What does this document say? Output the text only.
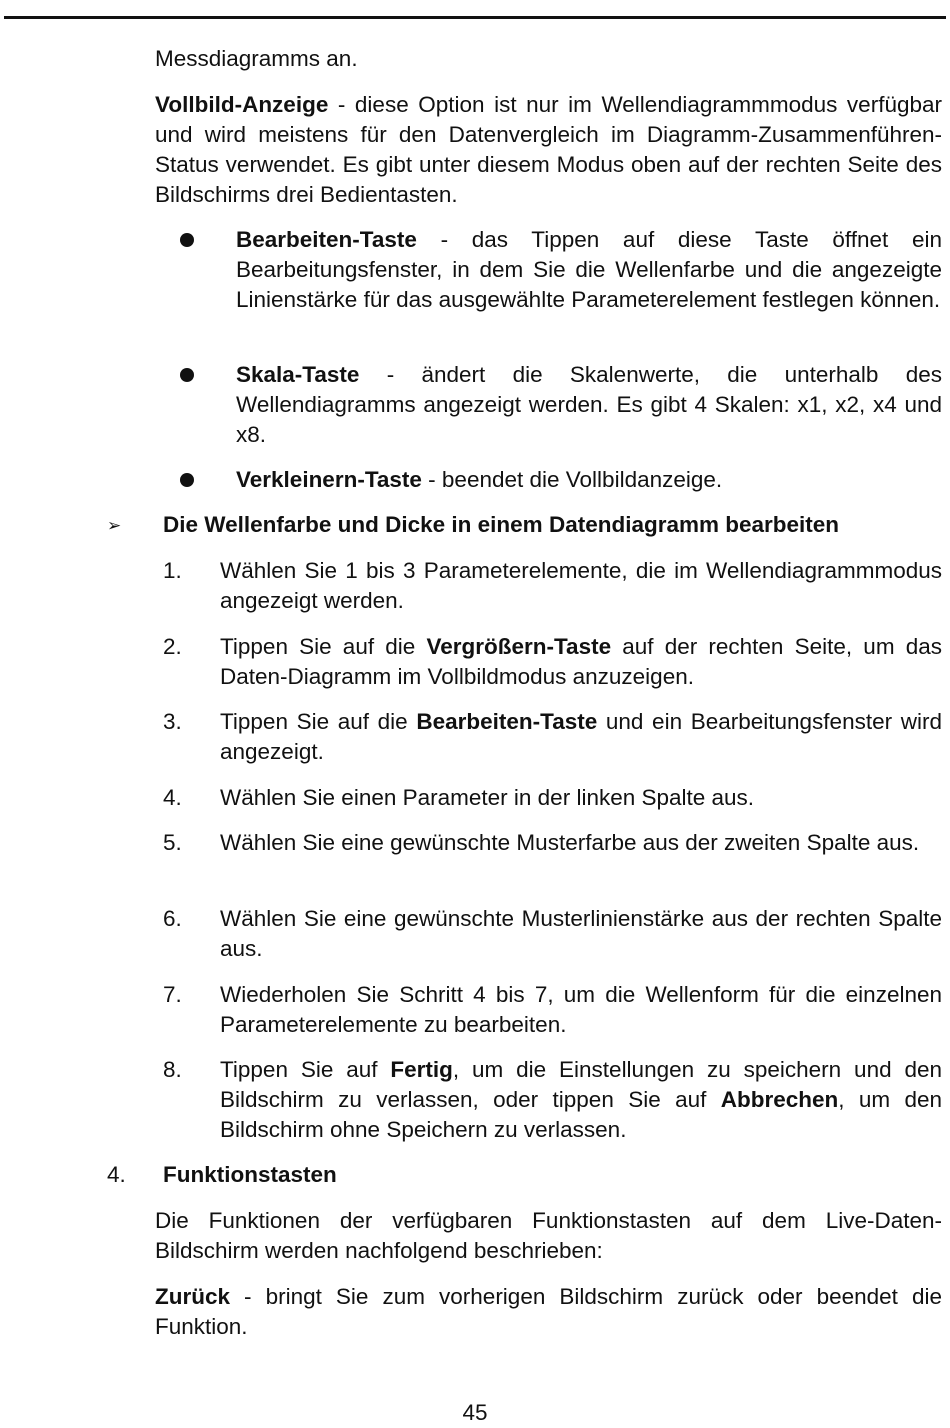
Messdiagramms an.

Vollbild-Anzeige - diese Option ist nur im Wellendiagrammmodus verfügbar und wird meistens für den Datenvergleich im Diagramm-Zusammenführen-Status verwendet. Es gibt unter diesem Modus oben auf der rechten Seite des Bildschirms drei Bedientasten.

Bearbeiten-Taste - das Tippen auf diese Taste öffnet ein Bearbeitungsfenster, in dem Sie die Wellenfarbe und die angezeigte Linienstärke für das ausgewählte Parameterelement festlegen können.

Skala-Taste - ändert die Skalenwerte, die unterhalb des Wellendiagramms angezeigt werden. Es gibt 4 Skalen: x1, x2, x4 und x8.

Verkleinern-Taste - beendet die Vollbildanzeige.

➢ Die Wellenfarbe und Dicke in einem Datendiagramm bearbeiten

1.	Wählen Sie 1 bis 3 Parameterelemente, die im Wellendiagrammmodus angezeigt werden.

2.	Tippen Sie auf die Vergrößern-Taste auf der rechten Seite, um das Daten-Diagramm im Vollbildmodus anzuzeigen.

3.	Tippen Sie auf die Bearbeiten-Taste und ein Bearbeitungsfenster wird angezeigt.

4.	Wählen Sie einen Parameter in der linken Spalte aus.

5.	Wählen Sie eine gewünschte Musterfarbe aus der zweiten Spalte aus.

6.	Wählen Sie eine gewünschte Musterlinienstärke aus der rechten Spalte aus.

7.	Wiederholen Sie Schritt 4 bis 7, um die Wellenform für die einzelnen Parameterelemente zu bearbeiten.

8.	Tippen Sie auf Fertig, um die Einstellungen zu speichern und den Bildschirm zu verlassen, oder tippen Sie auf Abbrechen, um den Bildschirm ohne Speichern zu verlassen.

4. Funktionstasten

Die Funktionen der verfügbaren Funktionstasten auf dem Live-Daten-Bildschirm werden nachfolgend beschrieben:

Zurück - bringt Sie zum vorherigen Bildschirm zurück oder beendet die Funktion.

45
